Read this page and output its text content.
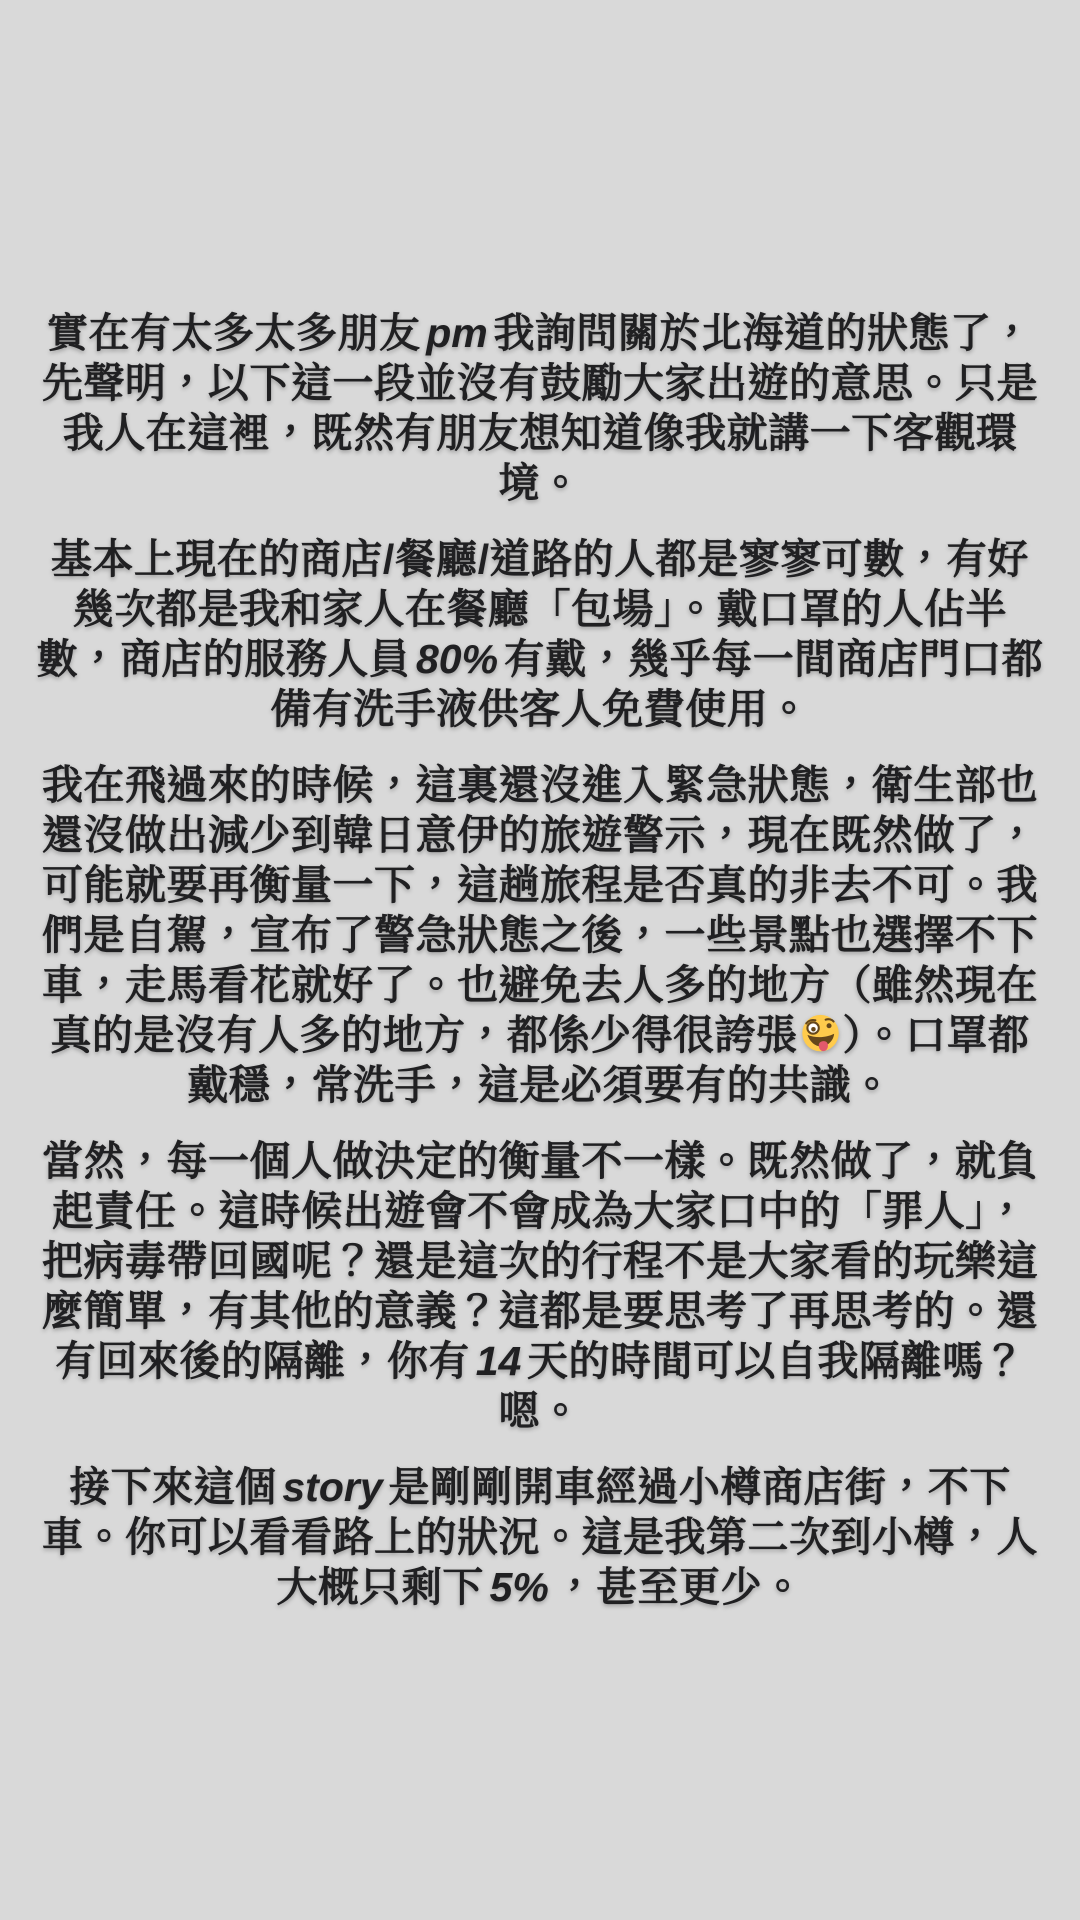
實在有太多太多朋友 pm 我詢問關於北海道的狀態了，先聲明，以下這一段並沒有鼓勵大家出遊的意思。只是我人在這裡，既然有朋友想知道像我就講一下客觀環境。

基本上現在的商店/餐廳/道路的人都是寥寥可數，有好幾次都是我和家人在餐廳「包場」。戴口罩的人佔半數，商店的服務人員 80% 有戴，幾乎每一間商店門口都備有洗手液供客人免費使用。

我在飛過來的時候，這裏還沒進入緊急狀態，衛生部也還沒做出減少到韓日意伊的旅遊警示，現在既然做了，可能就要再衡量一下，這趟旅程是否真的非去不可。我們是自駕，宣布了警急狀態之後，一些景點也選擇不下車，走馬看花就好了。也避免去人多的地方（雖然現在真的是沒有人多的地方，都係少得很誇張 ）。口罩都戴穩，常洗手，這是必須要有的共識。

當然，每一個人做決定的衡量不一樣。既然做了，就負起責任。這時候出遊會不會成為大家口中的「罪人」，把病毒帶回國呢？還是這次的行程不是大家看的玩樂這麼簡單，有其他的意義？這都是要思考了再思考的。還有回來後的隔離，你有 14 天的時間可以自我隔離嗎？嗯。

接下來這個 story 是剛剛開車經過小樽商店街，不下車。你可以看看路上的狀況。這是我第二次到小樽，人大概只剩下 5% ，甚至更少。
